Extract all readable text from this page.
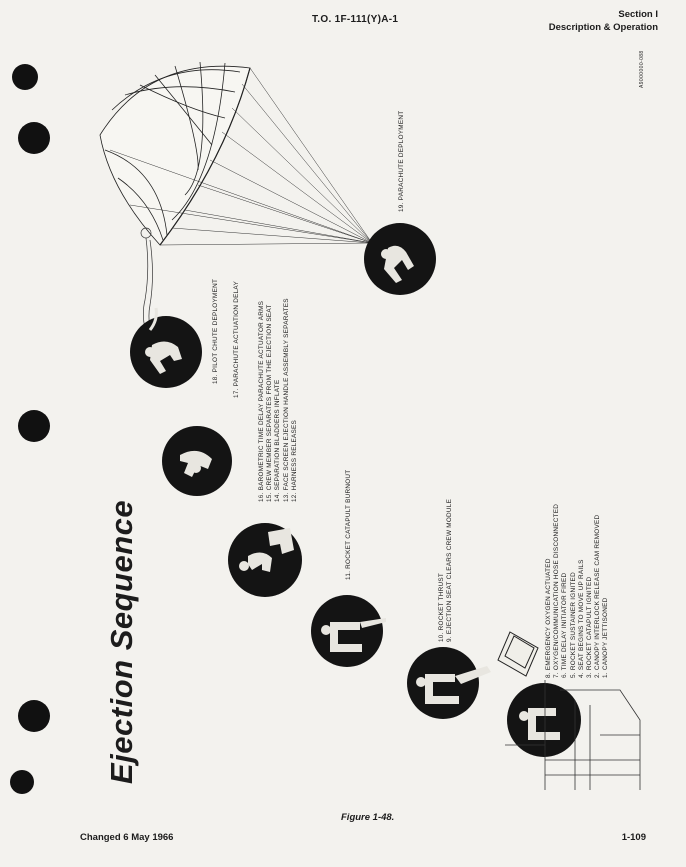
T.O. 1F-111(Y)A-1	Section I
Description & Operation
A9000000-088
Ejection Sequence
19. PARACHUTE DEPLOYMENT
18. PILOT CHUTE DEPLOYMENT 17. PARACHUTE ACTUATION DELAY	16. BAROMETRIC TIME DELAY PARACHUTE ACTUATOR ARMS 15. CREW MEMBER SEPARATES FROM THE EJECTION SEAT 14. SEPARATION BLADDERS INFLATE 13. FACE SCREEN EJECTION HANDLE ASSEMBLY SEPARATES 12. HARNESS RELEASES
11. ROCKET CATAPULT BURNOUT
10. ROCKET THRUST 9. EJECTION SEAT CLEARS CREW MODULE	8. EMERGENCY OXYGEN ACTUATED 7. OXYGEN/COMMUNICATION HOSE DISCONNECTED 6. TIME DELAY INITIATOR FIRED 5. ROCKET SUSTAINER IGNITED 4. SEAT BEGINS TO MOVE UP RAILS 3. ROCKET CATAPULT IGNITED 2. CANOPY INTERLOCK RELEASE CAM REMOVED 1. CANOPY JETTISONED
Figure 1-48.
Changed 6 May 1966	1-109
